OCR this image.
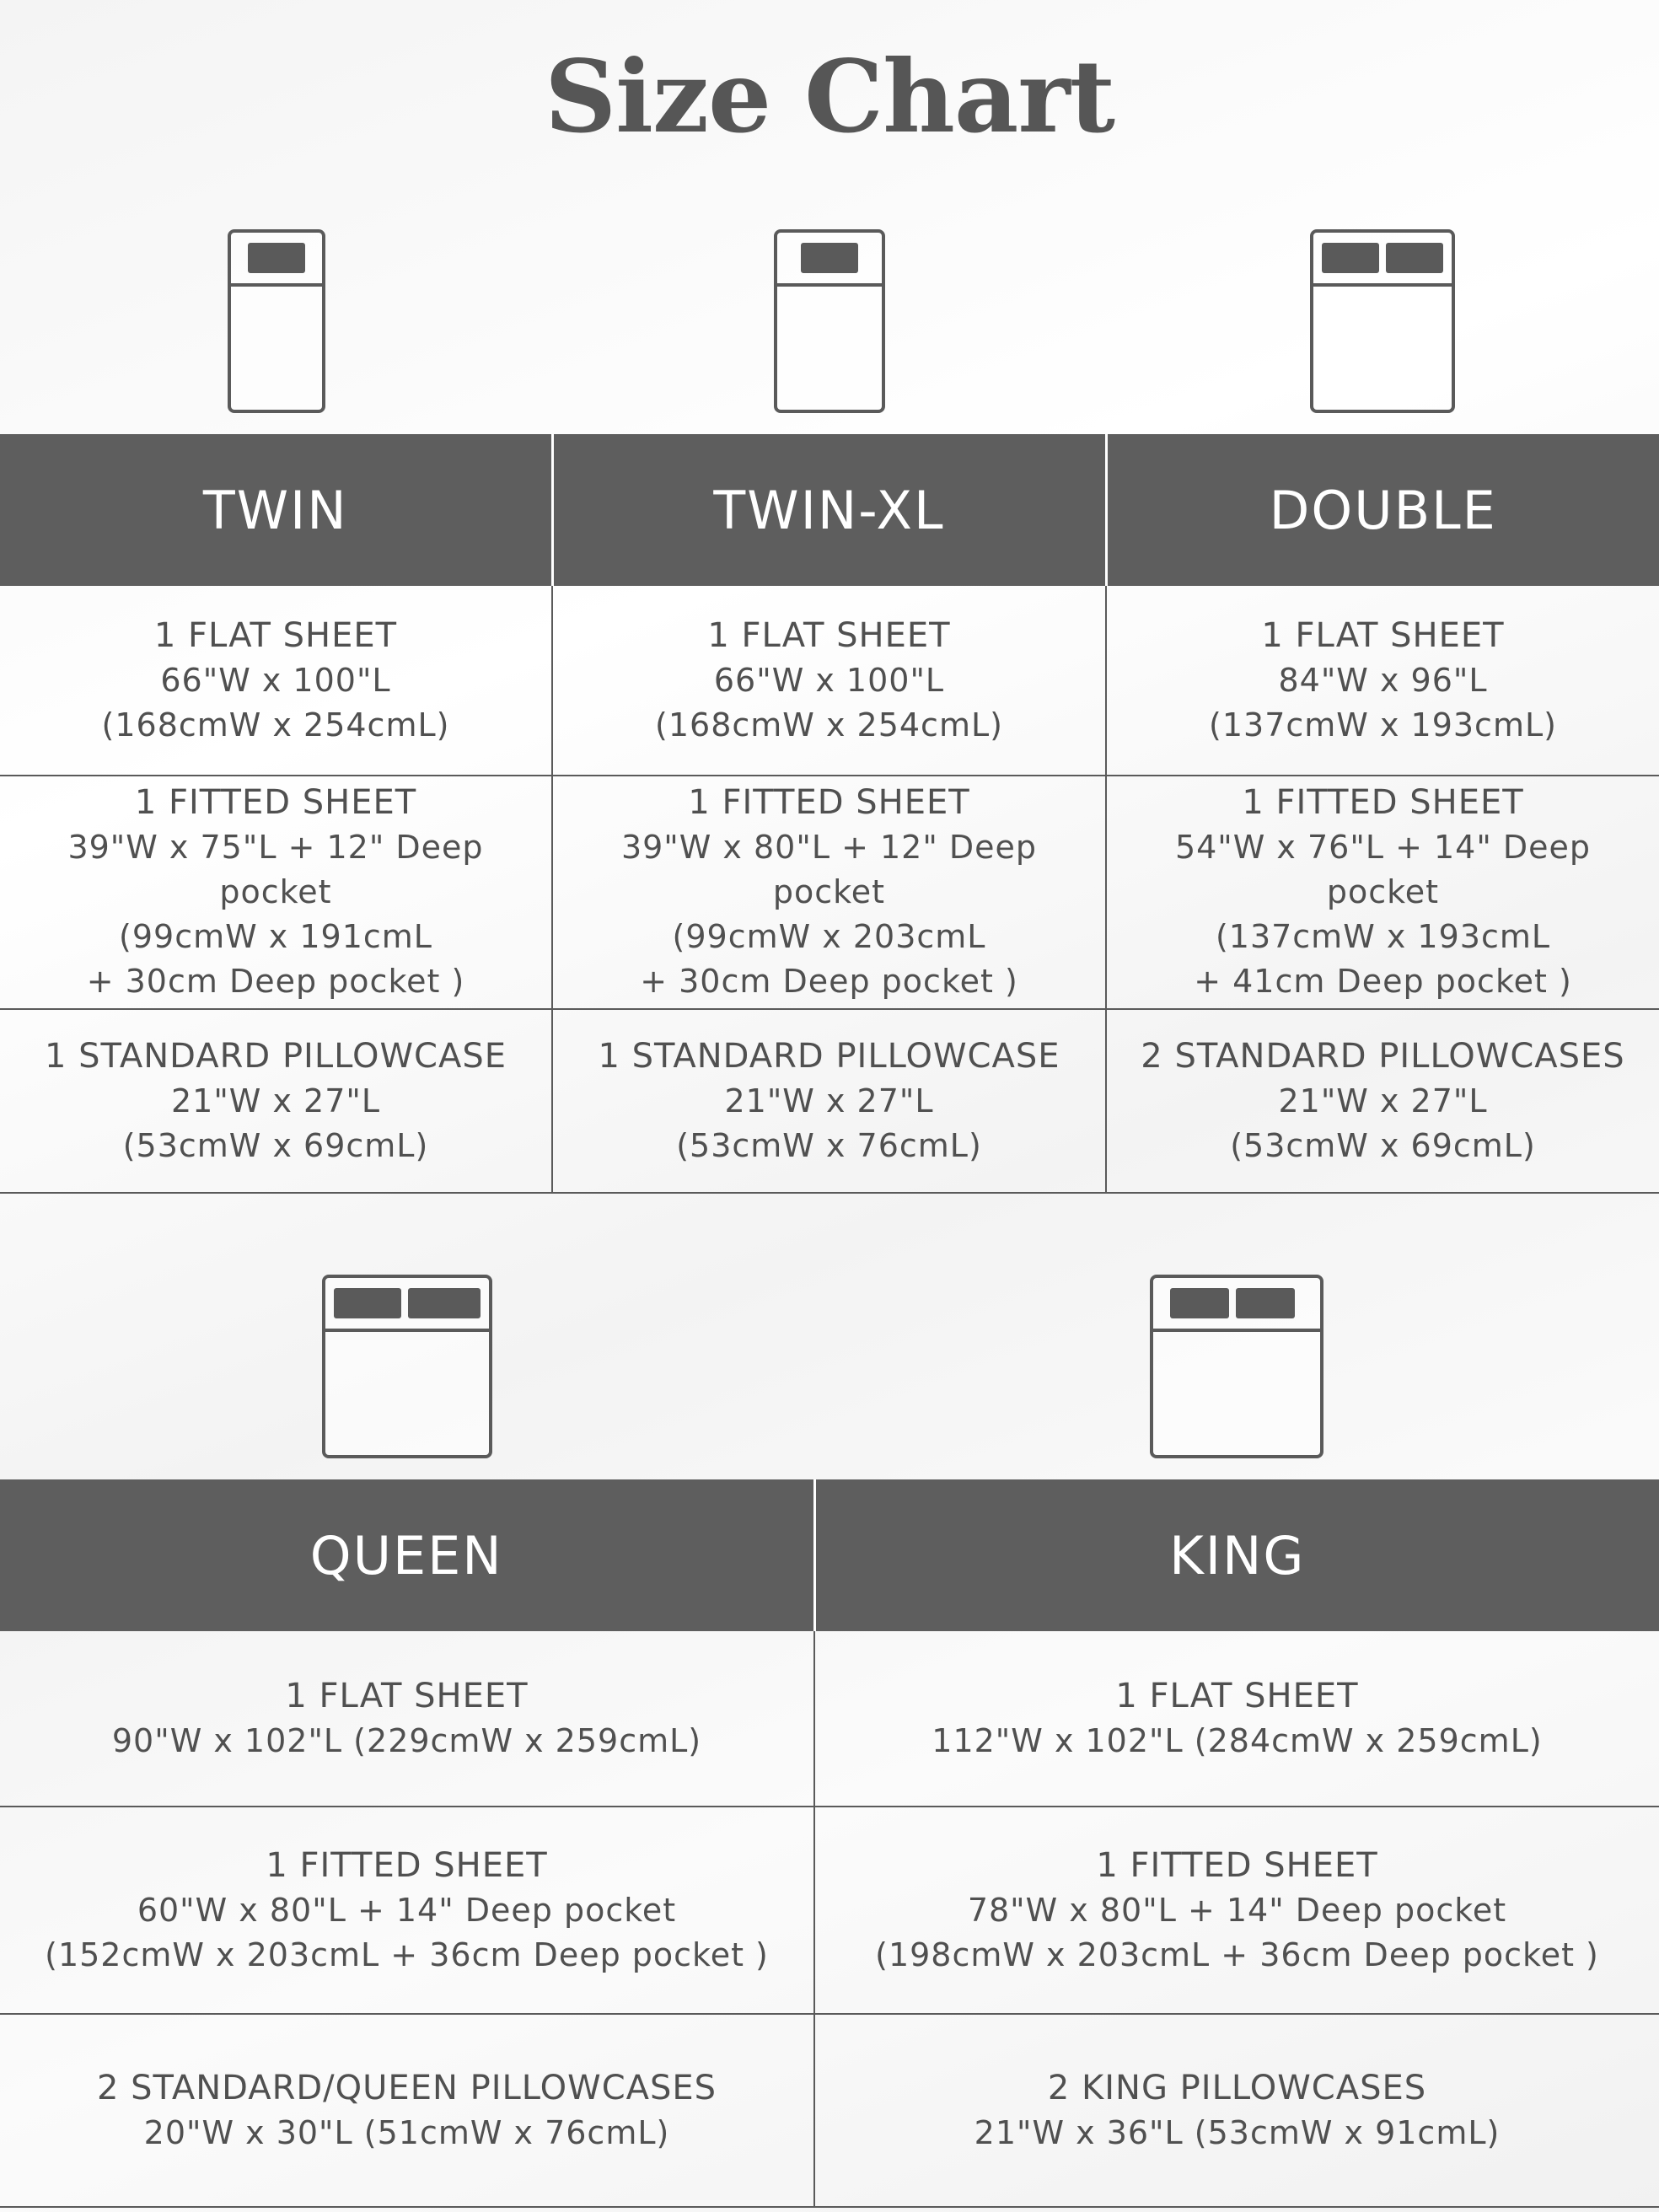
Size Chart
TWIN	TWIN-XL	DOUBLE

1 FLAT SHEET
66"W x 100"L
(168cmW x 254cmL)	1 FLAT SHEET
66"W x 100"L
(168cmW x 254cmL)	1 FLAT SHEET
84"W x 96"L
(137cmW x 193cmL)

1 FITTED SHEET
39"W x 75"L + 12" Deep pocket
(99cmW x 191cmL
+ 30cm Deep pocket )	1 FITTED SHEET
39"W x 80"L + 12" Deep pocket
(99cmW x 203cmL
+ 30cm Deep pocket )	1 FITTED SHEET
54"W x 76"L + 14" Deep pocket
(137cmW x 193cmL
+ 41cm Deep pocket )

1 STANDARD PILLOWCASE
21"W x 27"L
(53cmW x 69cmL)	1 STANDARD PILLOWCASE
21"W x 27"L
(53cmW x 76cmL)	2 STANDARD PILLOWCASES
21"W x 27"L
(53cmW x 69cmL)
QUEEN	KING

1 FLAT SHEET
90"W x 102"L (229cmW x 259cmL)	1 FLAT SHEET
112"W x 102"L (284cmW x 259cmL)

1 FITTED SHEET
60"W x 80"L + 14" Deep pocket
(152cmW x 203cmL + 36cm Deep pocket )	1 FITTED SHEET
78"W x 80"L + 14" Deep pocket
(198cmW x 203cmL + 36cm Deep pocket )

2 STANDARD/QUEEN PILLOWCASES
20"W x 30"L (51cmW x 76cmL)	2 KING PILLOWCASES
21"W x 36"L (53cmW x 91cmL)
